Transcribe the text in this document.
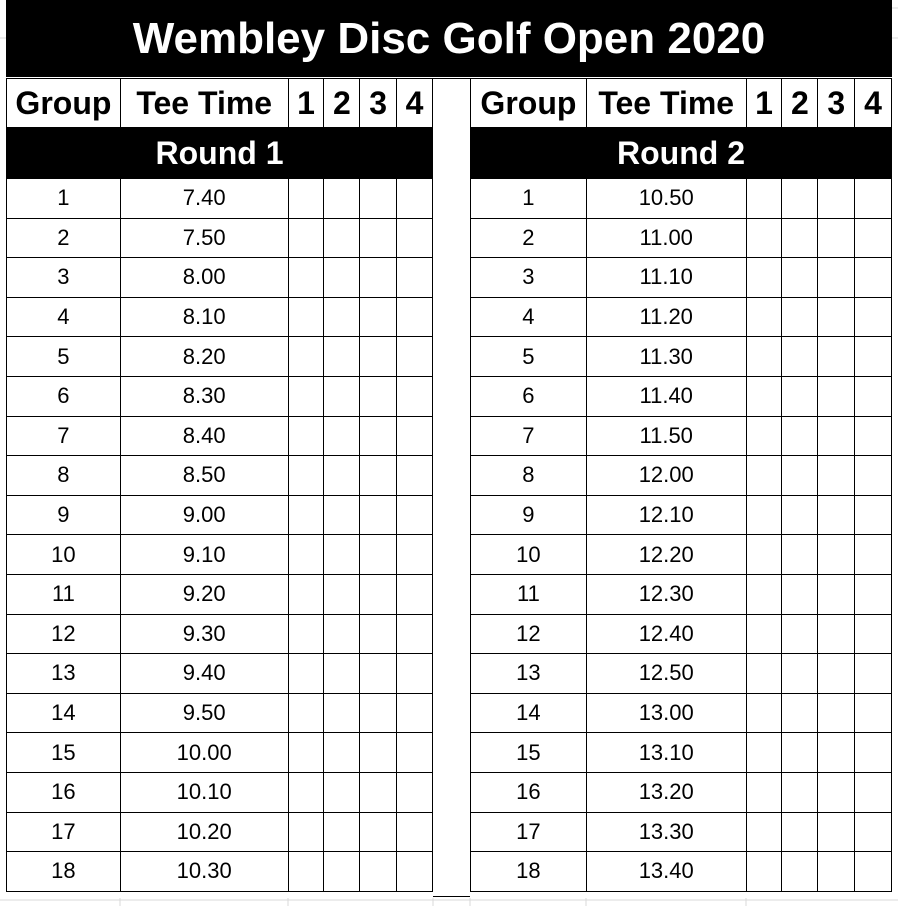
Wembley Disc Golf Open 2020
Group	Tee Time	1	2	3	4
Round 1					
1	7.40				
2	7.50				
3	8.00				
4	8.10				
5	8.20				
6	8.30				
7	8.40				
8	8.50				
9	9.00				
10	9.10				
11	9.20				
12	9.30				
13	9.40				
14	9.50				
15	10.00				
16	10.10				
17	10.20				
18	10.30				
Group	Tee Time	1	2	3	4
Round 2					
1	10.50				
2	11.00				
3	11.10				
4	11.20				
5	11.30				
6	11.40				
7	11.50				
8	12.00				
9	12.10				
10	12.20				
11	12.30				
12	12.40				
13	12.50				
14	13.00				
15	13.10				
16	13.20				
17	13.30				
18	13.40				
